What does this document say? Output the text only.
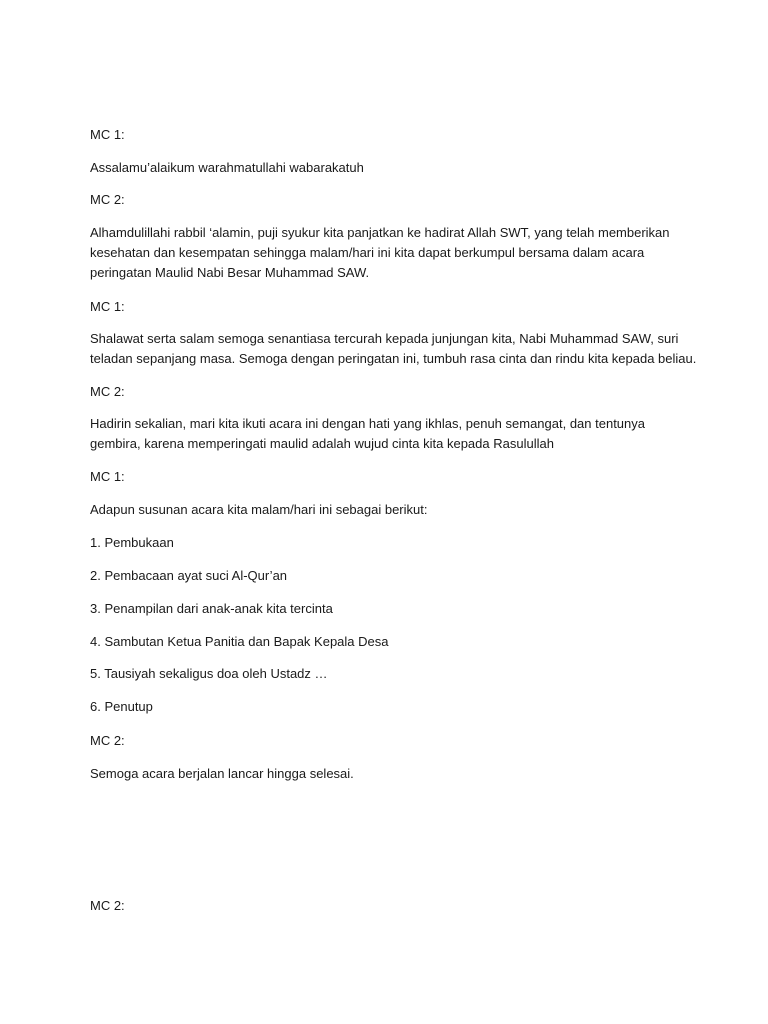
MC 1:
Assalamu’alaikum warahmatullahi wabarakatuh
MC 2:
Alhamdulillahi rabbil ‘alamin, puji syukur kita panjatkan ke hadirat Allah SWT, yang telah memberikan
kesehatan dan kesempatan sehingga malam/hari ini kita dapat berkumpul bersama dalam acara
peringatan Maulid Nabi Besar Muhammad SAW.
MC 1:
Shalawat serta salam semoga senantiasa tercurah kepada junjungan kita, Nabi Muhammad SAW, suri
teladan sepanjang masa. Semoga dengan peringatan ini, tumbuh rasa cinta dan rindu kita kepada beliau.
MC 2:
Hadirin sekalian, mari kita ikuti acara ini dengan hati yang ikhlas, penuh semangat, dan tentunya
gembira, karena memperingati maulid adalah wujud cinta kita kepada Rasulullah
MC 1:
Adapun susunan acara kita malam/hari ini sebagai berikut:
1. Pembukaan
2. Pembacaan ayat suci Al-Qur’an
3. Penampilan dari anak-anak kita tercinta
4. Sambutan Ketua Panitia dan Bapak Kepala Desa
5. Tausiyah sekaligus doa oleh Ustadz …
6. Penutup
MC 2:
Semoga acara berjalan lancar hingga selesai.
MC 2:
